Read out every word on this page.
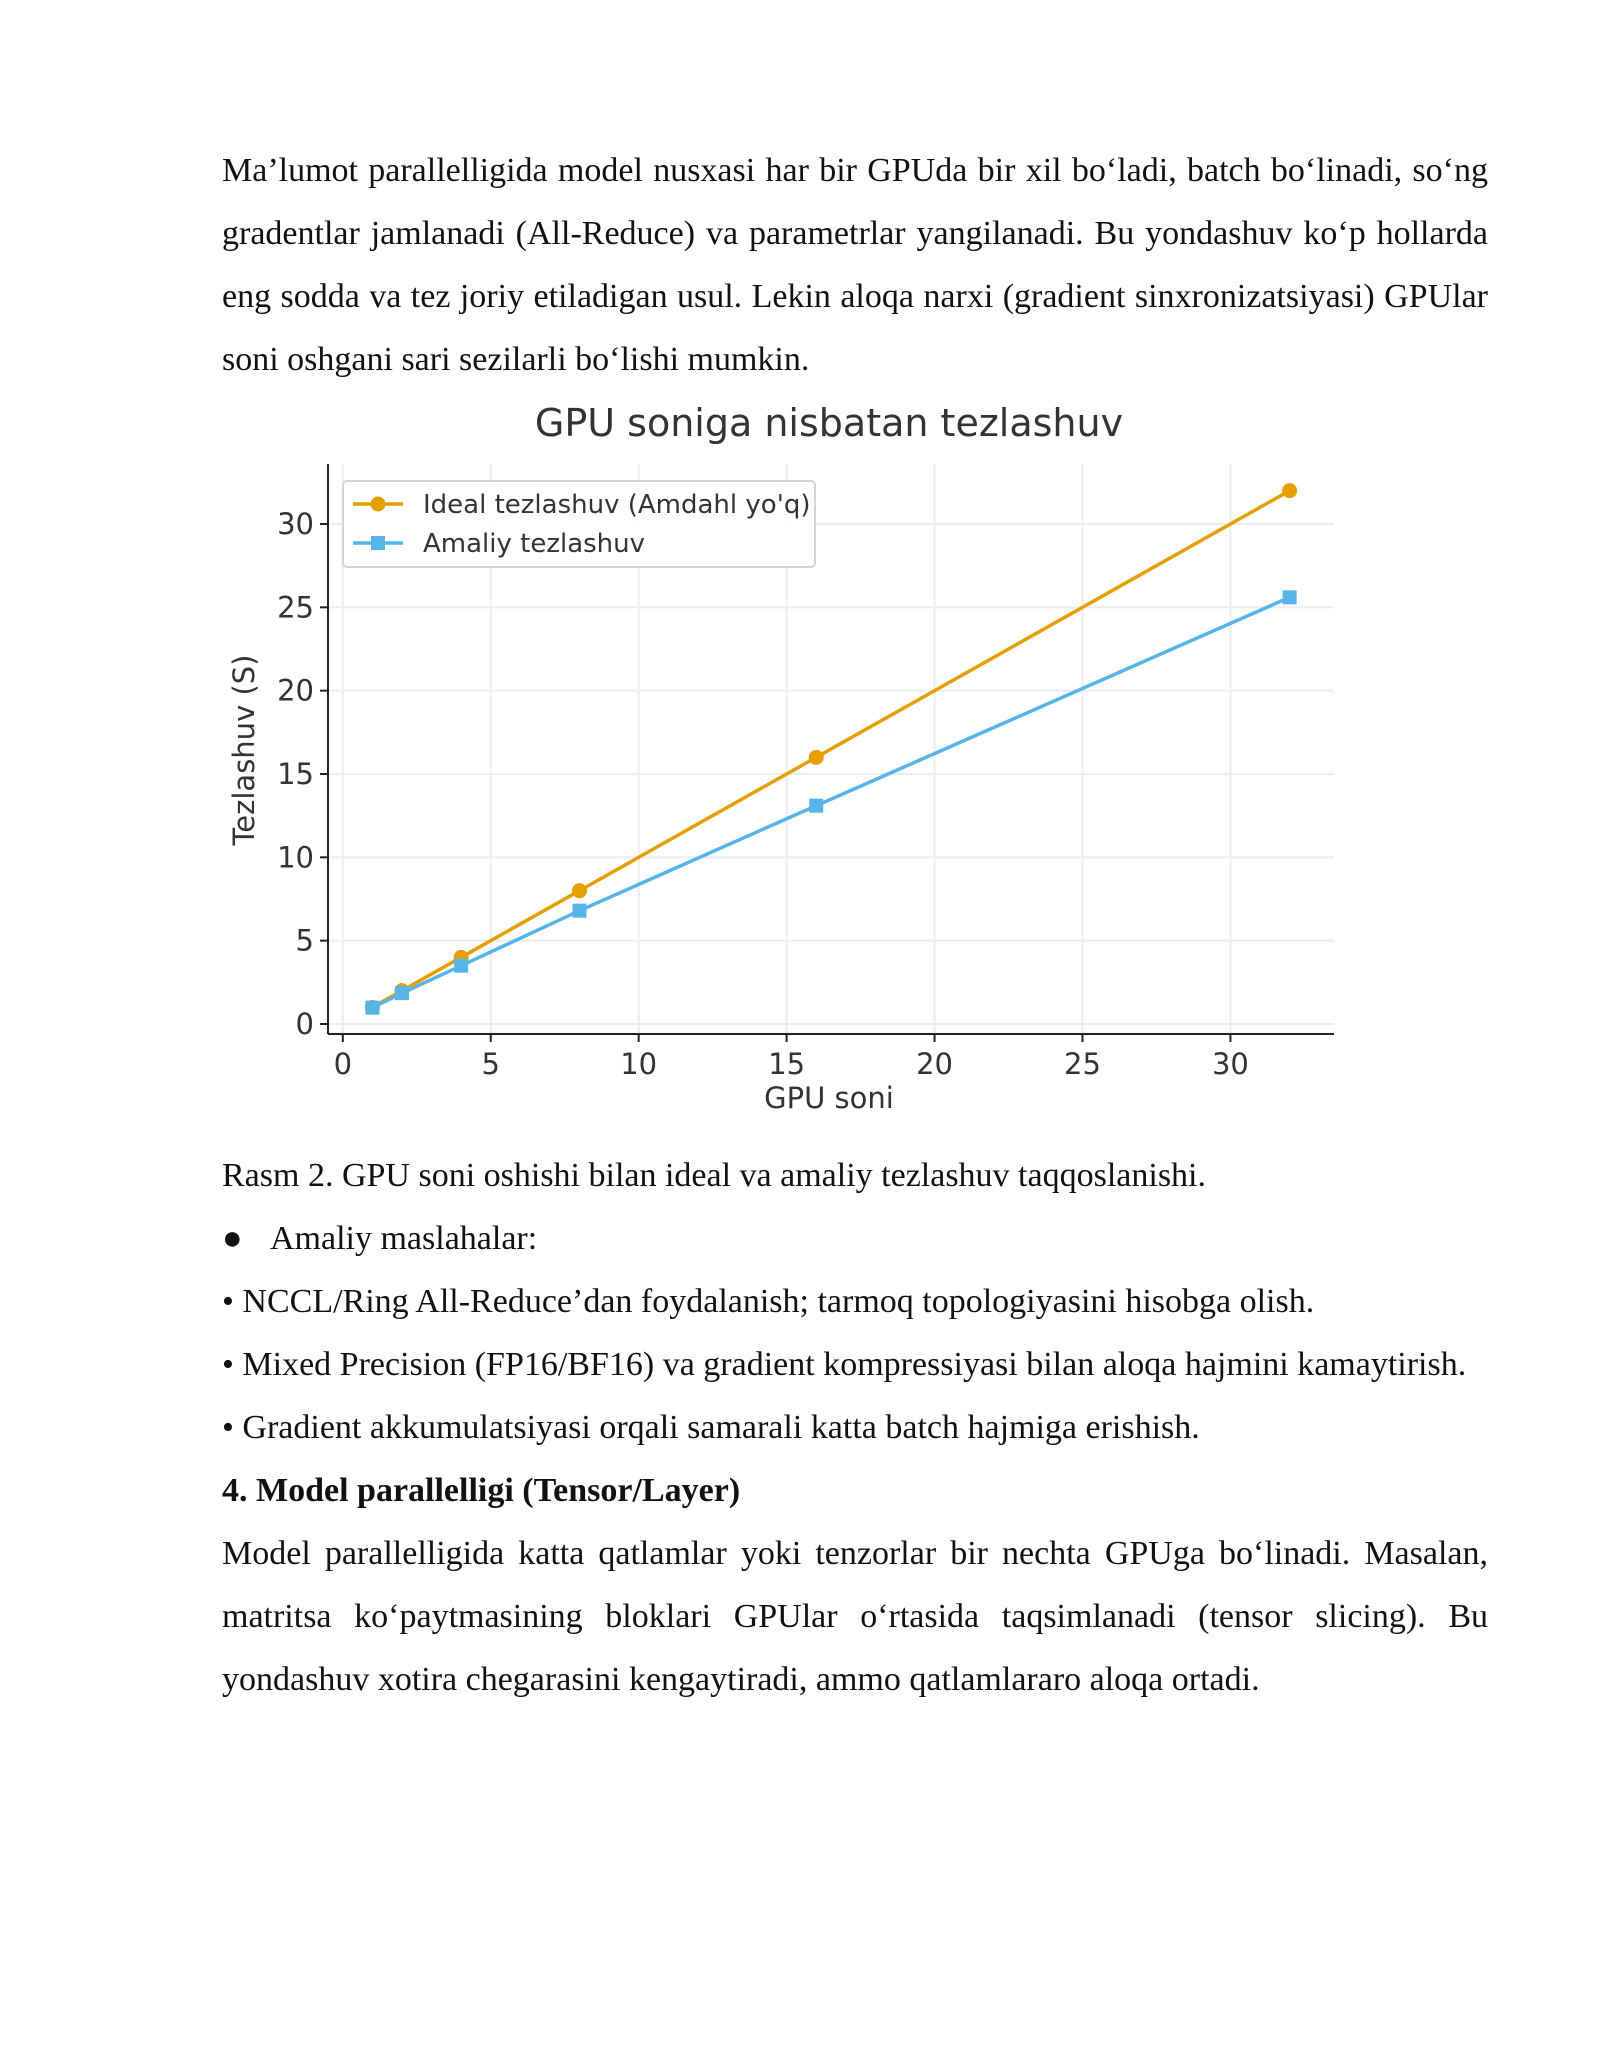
Ma’lumot parallelligida model nusxasi har bir GPUda bir xil bo‘ladi, batch bo‘linadi, so‘ng gradentlar jamlanadi (All-Reduce) va parametrlar yangilanadi. Bu yondashuv ko‘p hollarda eng sodda va tez joriy etiladigan usul. Lekin aloqa narxi (gradient sinxronizatsiyasi) GPUlar soni oshgani sari sezilarli bo‘lishi mumkin.

GPU soniga nisbatan tezlashuv
GPU soni
Tezlashuv (S)
0	5	10	15	20	25	30
0
5
10
15
20
25
30
Ideal tezlashuv (Amdahl yo'q)
Amaliy tezlashuv

Rasm 2. GPU soni oshishi bilan ideal va amaliy tezlashuv taqqoslanishi.

● Amaliy maslahalar:

• NCCL/Ring All-Reduce’dan foydalanish; tarmoq topologiyasini hisobga olish.

• Mixed Precision (FP16/BF16) va gradient kompressiyasi bilan aloqa hajmini kamaytirish.

• Gradient akkumulatsiyasi orqali samarali katta batch hajmiga erishish.

4. Model parallelligi (Tensor/Layer)

Model parallelligida katta qatlamlar yoki tenzorlar bir nechta GPUga bo‘linadi. Masalan, matritsa ko‘paytmasining bloklari GPUlar o‘rtasida taqsimlanadi (tensor slicing). Bu yondashuv xotira chegarasini kengaytiradi, ammo qatlamlararo aloqa ortadi.
